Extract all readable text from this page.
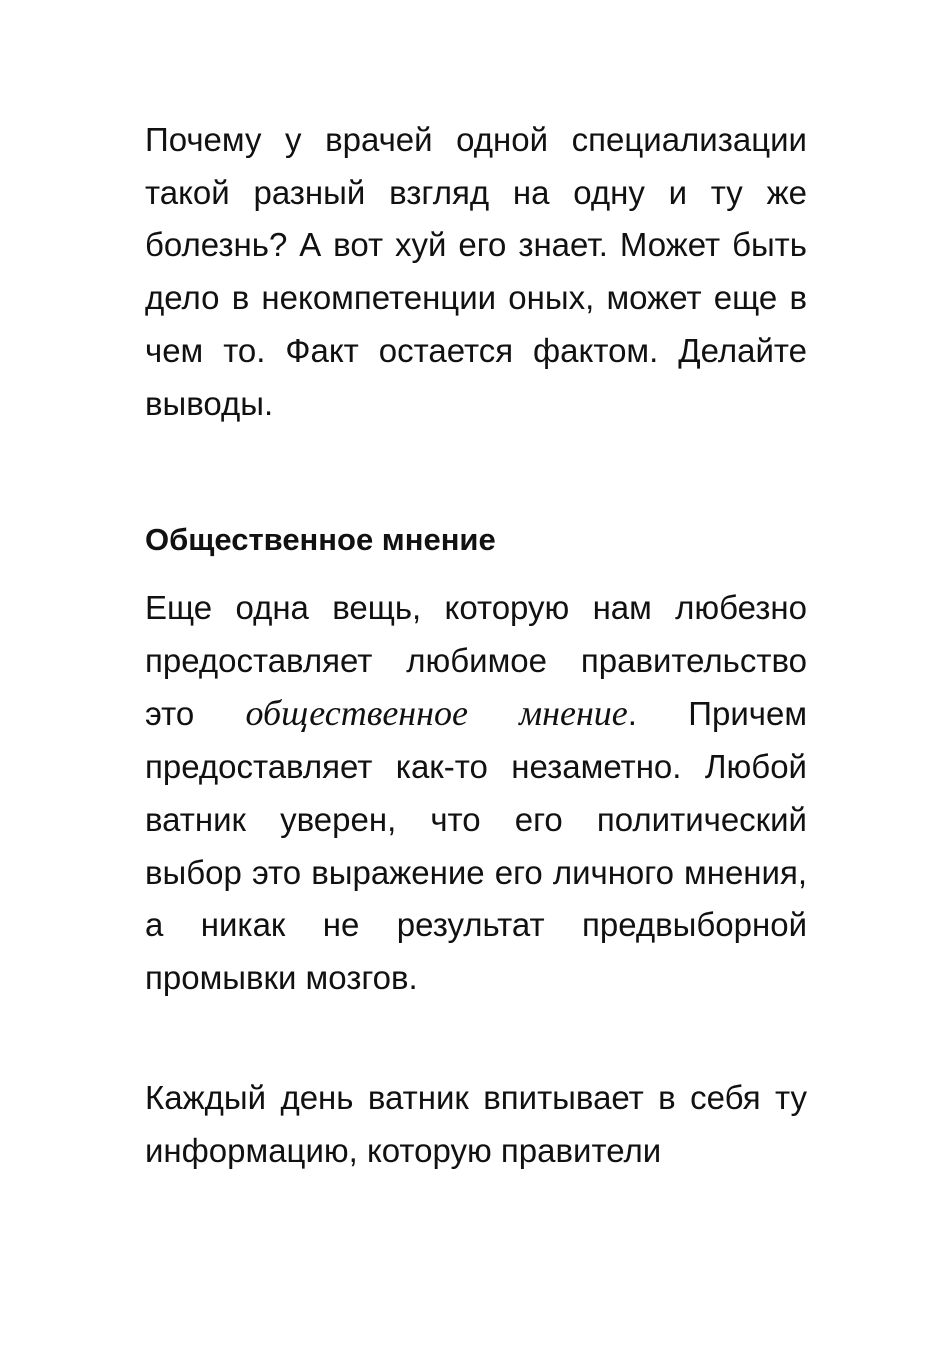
Почему у врачей одной специализации такой разный взгляд на одну и ту же болезнь? А вот хуй его знает. Может быть дело в некомпетенции оных, может еще в чем то. Факт остается фактом. Делайте выводы.

Общественное мнение

Еще одна вещь, которую нам любезно предоставляет любимое правительство это общественное мнение. Причем предоставляет как-то незаметно. Любой ватник уверен, что его политический выбор это выражение его личного мнения, а никак не результат предвыборной промывки мозгов.

Каждый день ватник впитывает в себя ту информацию, которую правители
